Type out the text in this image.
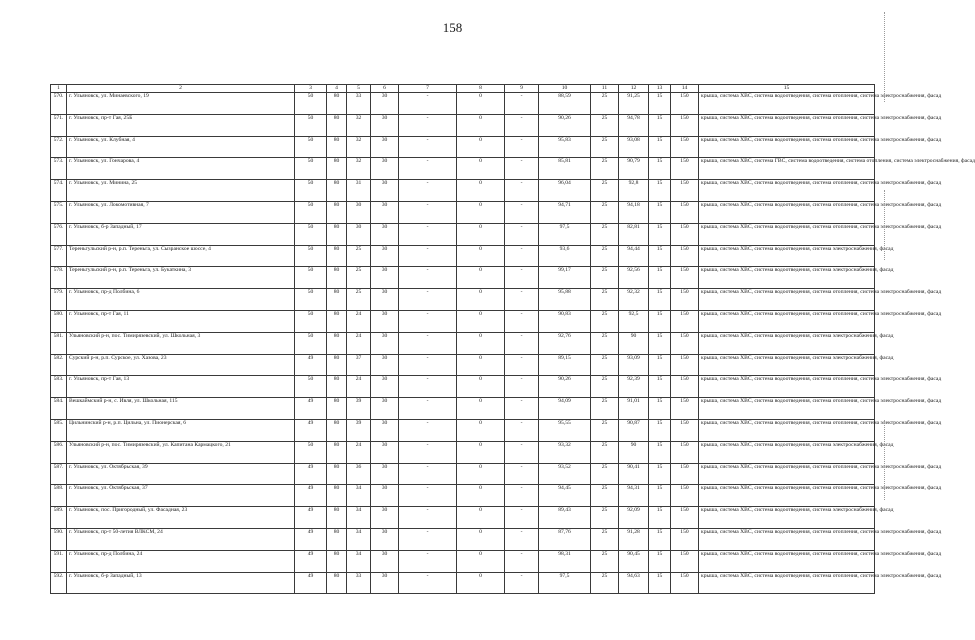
158
1	2	3	4	5	6	7	8	9	10	11	12	13	14	15
570.	г. Ульяновск, ул. Минаевского, 19	50	80	33	30	-	0	-	88,59	25	91,25	15	150	крыша, система ХВС, система водоотведения, система отопления, система электроснабжения, фасад
571.	г. Ульяновск, пр-т Гая, 25Б	50	80	32	30	-	0	-	90,26	25	94,78	15	150	крыша, система ХВС, система водоотведения, система отопления, система электроснабжения, фасад
572.	г. Ульяновск, ул. Клубная, 4	50	80	32	30	-	0	-	95,83	25	93,08	15	150	крыша, система ХВС, система водоотведения, система отопления, система электроснабжения, фасад
573.	г. Ульяновск, ул. Гончарова, 4	50	80	32	30	-	0	-	85,81	25	90,79	15	150	крыша, система ХВС, система ГВС, система водоотведения, система отопления, система электроснабжения, фасад
574.	г. Ульяновск, ул. Минина, 25	50	80	31	30	-	0	-	96,04	25	92,8	15	150	крыша, система ХВС, система водоотведения, система отопления, система электроснабжения, фасад
575.	г. Ульяновск, ул. Локомотивная, 7	50	80	30	30	-	0	-	94,71	25	94,18	15	150	крыша, система ХВС, система водоотведения, система отопления, система электроснабжения, фасад
576.	г. Ульяновск, б-р Западный, 17	50	80	30	30	-	0	-	97,5	25	82,81	15	150	крыша, система ХВС, система водоотведения, система отопления, система электроснабжения, фасад
577.	Тереньгульский р-н, р.п. Тереньга, ул. Сызранское шоссе, 4	50	80	25	30	-	0	-	93,6	25	94,44	15	150	крыша, система ХВС, система водоотведения, система электроснабжения, фасад
578.	Тереньгульский р-н, р.п. Тереньга, ул. Букаткина, 3	50	80	25	30	-	0	-	99,17	25	92,56	15	150	крыша, система ХВС, система водоотведения, система электроснабжения, фасад
579.	г. Ульяновск, пр-д Полбина, 6	50	80	25	30	-	0	-	95,88	25	92,32	15	150	крыша, система ХВС, система водоотведения, система отопления, система электроснабжения, фасад
580.	г. Ульяновск, пр-т Гая, 11	50	80	24	30	-	0	-	90,83	25	92,5	15	150	крыша, система ХВС, система водоотведения, система отопления, система электроснабжения, фасад
581.	Ульяновский р-н, пос. Тимирязевский, ул. Школьная, 3	50	80	24	30	-	0	-	92,76	25	90	15	150	крыша, система ХВС, система водоотведения, система электроснабжения, фасад
582.	Сурский р-н, р.п. Сурское, ул. Хазова, 23	49	80	37	30	-	0	-	89,15	25	93,09	15	150	крыша, система ХВС, система водоотведения, система электроснабжения, фасад
583.	г. Ульяновск, пр-т Гая, 13	50	80	24	30	-	0	-	90,26	25	92,39	15	150	крыша, система ХВС, система водоотведения, система отопления, система электроснабжения, фасад
584.	Вешкаймский р-н, с. Ивля, ул. Школьная, 115	49	80	39	30	-	0	-	94,09	25	91,01	15	150	крыша, система ХВС, система водоотведения, система отопления, система электроснабжения, фасад
585.	Цильнинский р-н, р.п. Цильна, ул. Пионерская, 6	49	80	39	30	-	0	-	95,55	25	90,87	15	150	крыша, система ХВС, система водоотведения, система отопления, система электроснабжения, фасад
586.	Ульяновский р-н, пос. Тимирязевский, ул. Капитана Кармацкого, 21	50	80	24	30	-	0	-	93,32	25	90	15	150	крыша, система ХВС, система водоотведения, система электроснабжения, фасад
587.	г. Ульяновск, ул. Октябрьская, 39	49	80	36	30	-	0	-	93,52	25	90,41	15	150	крыша, система ХВС, система водоотведения, система отопления, система электроснабжения, фасад
588.	г. Ульяновск, ул. Октябрьская, 37	49	80	34	30	-	0	-	94,45	25	94,31	15	150	крыша, система ХВС, система водоотведения, система отопления, система электроснабжения, фасад
589.	г. Ульяновск, пос. Пригородный, ул. Фасадная, 23	49	80	34	30	-	0	-	89,43	25	92,09	15	150	крыша, система ХВС, система водоотведения, система электроснабжения, фасад
590.	г. Ульяновск, пр-т 50-летия ВЛКСМ, 24	49	80	34	30	-	0	-	87,76	25	91,28	15	150	крыша, система ХВС, система водоотведения, система отопления, система электроснабжения, фасад
591.	г. Ульяновск, пр-д Полбина, 24	49	80	34	30	-	0	-	98,31	25	90,45	15	150	крыша, система ХВС, система водоотведения, система отопления, система электроснабжения, фасад
592.	г. Ульяновск, б-р Западный, 13	49	80	33	30	-	0	-	97,5	25	94,63	15	150	крыша, система ХВС, система водоотведения, система отопления, система электроснабжения, фасад
